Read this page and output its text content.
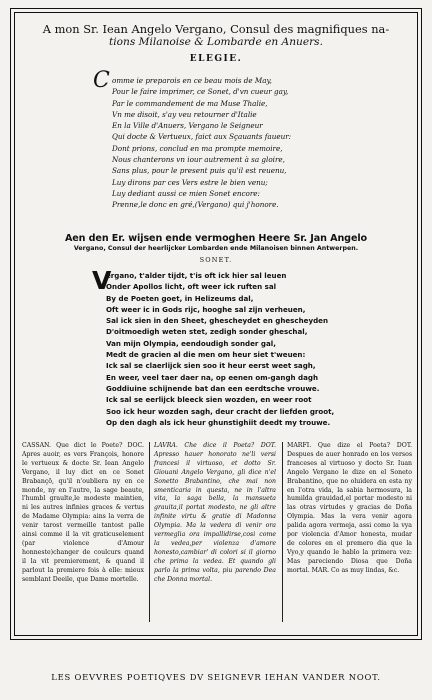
A mon Sr. Iean Angelo Vergano, Consul des magnifiques na-
tions Milanoise & Lombarde en Anuers.
ELEGIE.
C omme ie preparois en ce beau mois de May,
Pour le faire imprimer, ce Sonet, d'vn cueur gay,
Par le commandement de ma Muse Thalie,
Vn me disoit, s'ay veu retourner d'Italie
En la Ville d'Anuers, Vergano le Seigneur
Qui docte & Vertueux, faict aux Sçauants faueur:
Dont prions, conclud en ma prompte memoire,
Nous chanterons vn iour autrement à sa gloire,
Sans plus, pour le present puis qu'il est reuenu,
Luy dirons par ces Vers estre le bien venu;
Luy dediant aussi ce mien Sonet encore:
Prenne,le donc en gré,(Vergano) qui j'honore.
Aen den Er. wijsen ende vermoghen Heere Sr. Jan Angelo
Vergano, Consul der heerlijcker Lombarden ende Milanoisen binnen Antwerpen.
SONET.
V
ergano, t'alder tijdt, t'is oft ick hier sal leuen
Onder Apollos licht, oft weer ick ruften sal
By de Poeten goet, in Helizeums dal,
Oft weer ic in Gods rijc, hooghe sal zijn verheuen,
Sal ick sien in den Sheet, ghescheydet en ghescheyden
D'oitmoedigh weten stet, zedigh sonder gheschal,
Van mijn Olympia, eendoudigh sonder gal,
Medt de gracien al die men om heur siet t'weuen:
Ick sal se claerlijck sien soo it heur eerst weet sagh,
En weer, veel taer daer na, op eenen om-gangh dagh
Goddiuine schijnende bat dan een eerdtsche vrouwe.
Ick sal se eerlijck bleeck sien wozden, en weer root
Soo ick heur wozden sagh, deur cracht der liefden groot,
Op den dagh als ick heur ghunstighiit deedt my trouwe.
CASSAN. Que dict le Poete? DOC. Apres auoir, es vers François, honore le vertueux & docte Sr. Iean Angelo Vergano, il luy dict en ce Sonet Brabançō, qu'il n'oubliera ny en ce monde, ny en l'autre, la sage beaute, l'humbl graulte,le modeste maintien, ni les autres infinies graces & vertus de Madame Olympia: ains la verra de venir tarost vermeille tantost palle ainsi comme il la vit graticuselement (par violence d'Amour honneste)changer de coulcurs quand il la vit premierement, & quand il parlout la premiere fois à elle: mieux semblant Deeile, que Dame mortelle.
LAVRA. Che dice il Poeta? DOT. Apresso hauer honorato ne'li versi francesi il virtuoso, et dotto Sr. Giouani Angelo Vergano, gli dice n'el Sonetto Brabantino, che mai non smenticaria in questa, ne in l'altra vita, la saga bella, la mansueta grauita,il portat modesto, ne gli altre infinite virtu & gratie di Madonna Olympia. Ma la vedera di venir ora vermeglia ora impallidirse,cosi come la vedea,per violenza d'amore honesto,cambiar' di colori si il giorno che prima la vedea. Et quando gli parlo la prima volta, piu parendo Dea che Donna mortal.
MARFI. Que dize el Poeta? DOT. Despues de auer honrado en los versos franceses al virtuoso y docto Sr. Iuan Angelo Vergano le dize en el Soneto Brabantino, que no oluidera en esta ny en l'otra vida, la sabia hermosura, la humilda grauidad,el portar modesto ni las otras virtudes y gracias de Doña Olympia. Mas la vera venir agora palida agora vermeja, assi como la vya por violencia d'Amor honesta, mudar de colores en el premero dia que la Vyo,y quando le hablo la primera vez: Mas pareciendo Diosa que Doña mortal. MAR. Co as muy lindas, &c.
LES OEVVRES POETIQVES DV SEIGNEVR IEHAN VANDER NOOT.
